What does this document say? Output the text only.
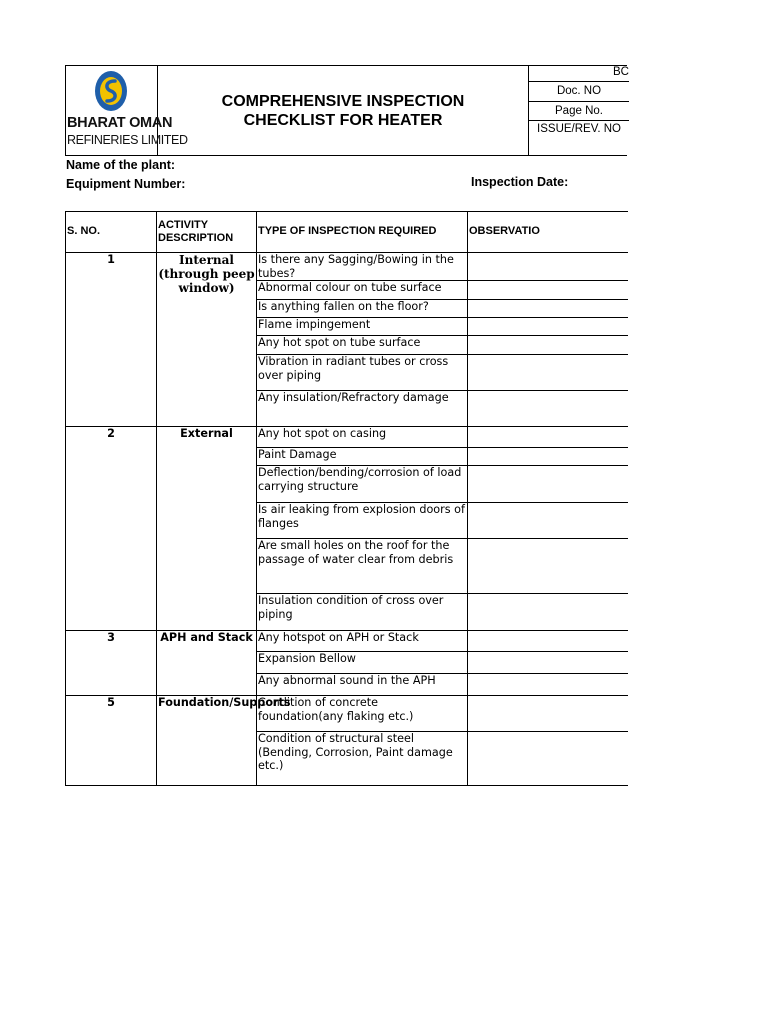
BHARAT OMAN
REFINERIES LIMITED
COMPREHENSIVE INSPECTION
CHECKLIST FOR HEATER
BC
Doc. NO
Page No.
ISSUE/REV. NO
Name of the plant:
Equipment Number:	Inspection Date:
S. NO.	ACTIVITY DESCRIPTION	TYPE OF INSPECTION REQUIRED	OBSERVATIO
1	Internal (through peep window)	Is there any Sagging/Bowing in the tubes?	
		Abnormal colour on tube surface	
		Is anything fallen on the floor?	
		Flame impingement	
		Any hot spot on tube surface	
		Vibration in radiant tubes or cross over piping	
		Any insulation/Refractory damage	
2	External	Any hot spot on casing	
		Paint Damage	
		Deflection/bending/corrosion of load carrying structure	
		Is air leaking from explosion doors of flanges	
		Are small holes on the roof for the passage of water clear from debris	
		Insulation condition of cross over piping	
3	APH and Stack	Any hotspot on APH or Stack	
		Expansion Bellow	
		Any abnormal sound in the APH	
5	Foundation/Supports	Condition of concrete foundation(any flaking etc.)	
		Condition of structural steel (Bending, Corrosion, Paint damage etc.)	
